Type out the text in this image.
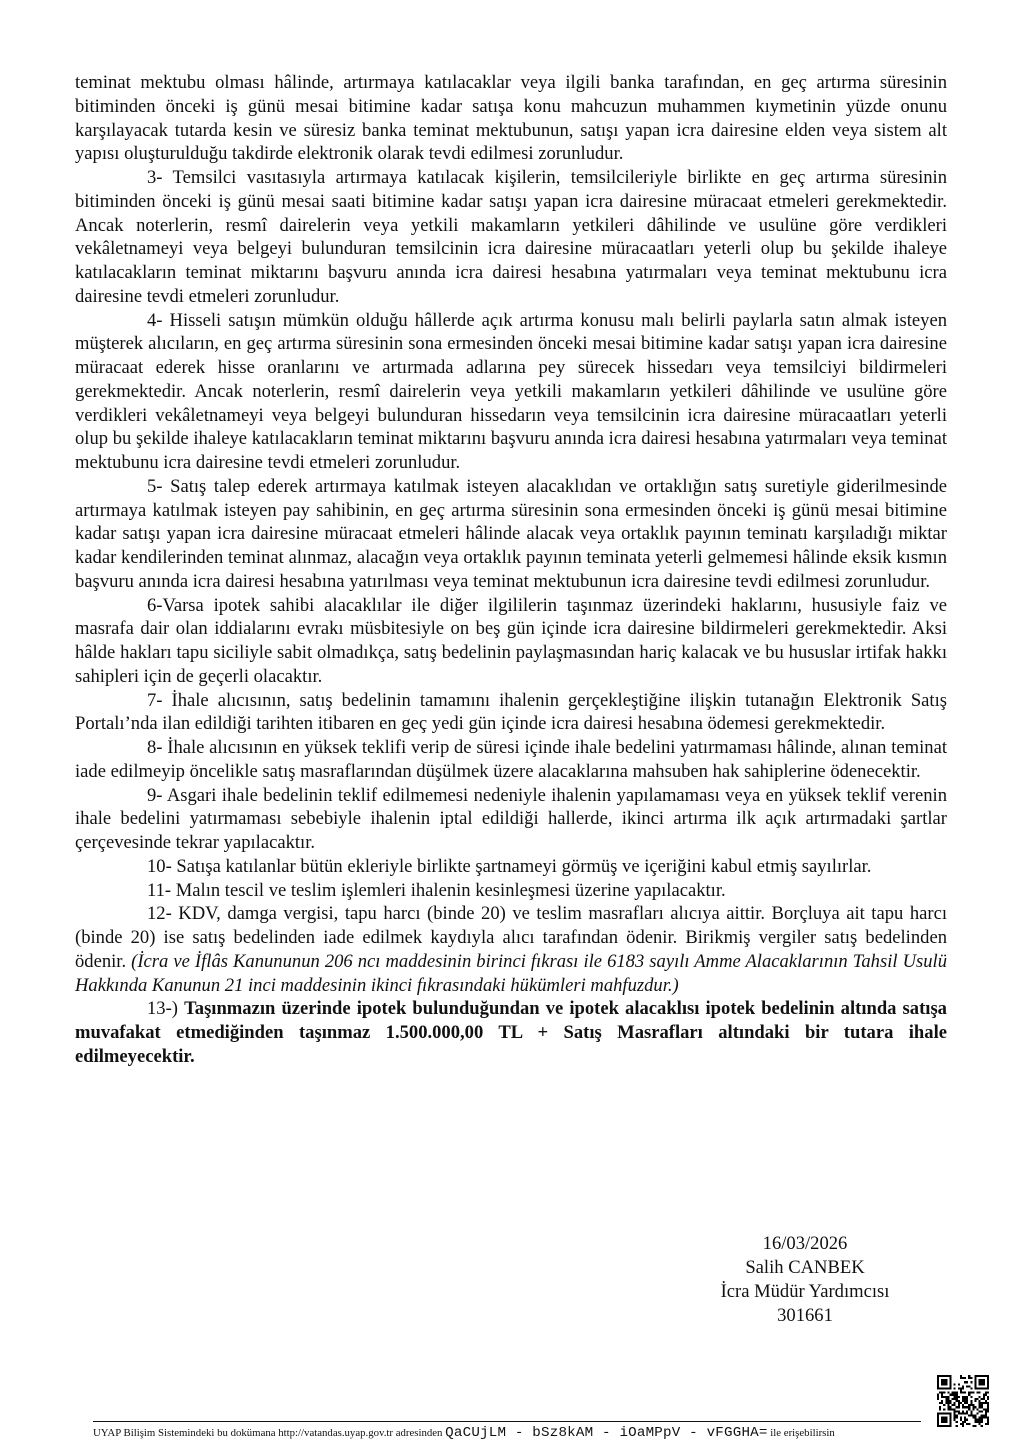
teminat mektubu olması hâlinde, artırmaya katılacaklar veya ilgili banka tarafından, en geç artırma süresinin bitiminden önceki iş günü mesai bitimine kadar satışa konu mahcuzun muhammen kıymetinin yüzde onunu karşılayacak tutarda kesin ve süresiz banka teminat mektubunun, satışı yapan icra dairesine elden veya sistem alt yapısı oluşturulduğu takdirde elektronik olarak tevdi edilmesi zorunludur.

3- Temsilci vasıtasıyla artırmaya katılacak kişilerin, temsilcileriyle birlikte en geç artırma süresinin bitiminden önceki iş günü mesai saati bitimine kadar satışı yapan icra dairesine müracaat etmeleri gerekmektedir. Ancak noterlerin, resmî dairelerin veya yetkili makamların yetkileri dâhilinde ve usulüne göre verdikleri vekâletnameyi veya belgeyi bulunduran temsilcinin icra dairesine müracaatları yeterli olup bu şekilde ihaleye katılacakların teminat miktarını başvuru anında icra dairesi hesabına yatırmaları veya teminat mektubunu icra dairesine tevdi etmeleri zorunludur.

4- Hisseli satışın mümkün olduğu hâllerde açık artırma konusu malı belirli paylarla satın almak isteyen müşterek alıcıların, en geç artırma süresinin sona ermesinden önceki mesai bitimine kadar satışı yapan icra dairesine müracaat ederek hisse oranlarını ve artırmada adlarına pey sürecek hissedarı veya temsilciyi bildirmeleri gerekmektedir. Ancak noterlerin, resmî dairelerin veya yetkili makamların yetkileri dâhilinde ve usulüne göre verdikleri vekâletnameyi veya belgeyi bulunduran hissedarın veya temsilcinin icra dairesine müracaatları yeterli olup bu şekilde ihaleye katılacakların teminat miktarını başvuru anında icra dairesi hesabına yatırmaları veya teminat mektubunu icra dairesine tevdi etmeleri zorunludur.

5- Satış talep ederek artırmaya katılmak isteyen alacaklıdan ve ortaklığın satış suretiyle giderilmesinde artırmaya katılmak isteyen pay sahibinin, en geç artırma süresinin sona ermesinden önceki iş günü mesai bitimine kadar satışı yapan icra dairesine müracaat etmeleri hâlinde alacak veya ortaklık payının teminatı karşıladığı miktar kadar kendilerinden teminat alınmaz, alacağın veya ortaklık payının teminata yeterli gelmemesi hâlinde eksik kısmın başvuru anında icra dairesi hesabına yatırılması veya teminat mektubunun icra dairesine tevdi edilmesi zorunludur.

6-Varsa ipotek sahibi alacaklılar ile diğer ilgililerin taşınmaz üzerindeki haklarını, hususiyle faiz ve masrafa dair olan iddialarını evrakı müsbitesiyle on beş gün içinde icra dairesine bildirmeleri gerekmektedir. Aksi hâlde hakları tapu siciliyle sabit olmadıkça, satış bedelinin paylaşmasından hariç kalacak ve bu hususlar irtifak hakkı sahipleri için de geçerli olacaktır.

7- İhale alıcısının, satış bedelinin tamamını ihalenin gerçekleştiğine ilişkin tutanağın Elektronik Satış Portalı’nda ilan edildiği tarihten itibaren en geç yedi gün içinde icra dairesi hesabına ödemesi gerekmektedir.

8- İhale alıcısının en yüksek teklifi verip de süresi içinde ihale bedelini yatırmaması hâlinde, alınan teminat iade edilmeyip öncelikle satış masraflarından düşülmek üzere alacaklarına mahsuben hak sahiplerine ödenecektir.

9- Asgari ihale bedelinin teklif edilmemesi nedeniyle ihalenin yapılamaması veya en yüksek teklif verenin ihale bedelini yatırmaması sebebiyle ihalenin iptal edildiği hallerde, ikinci artırma ilk açık artırmadaki şartlar çerçevesinde tekrar yapılacaktır.

10- Satışa katılanlar bütün ekleriyle birlikte şartnameyi görmüş ve içeriğini kabul etmiş sayılırlar.

11- Malın tescil ve teslim işlemleri ihalenin kesinleşmesi üzerine yapılacaktır.

12- KDV, damga vergisi, tapu harcı (binde 20) ve teslim masrafları alıcıya aittir. Borçluya ait tapu harcı (binde 20) ise satış bedelinden iade edilmek kaydıyla alıcı tarafından ödenir. Birikmiş vergiler satış bedelinden ödenir. (İcra ve İflâs Kanununun 206 ncı maddesinin birinci fıkrası ile 6183 sayılı Amme Alacaklarının Tahsil Usulü Hakkında Kanunun 21 inci maddesinin ikinci fıkrasındaki hükümleri mahfuzdur.)

13-) Taşınmazın üzerinde ipotek bulunduğundan ve ipotek alacaklısı ipotek bedelinin altında satışa muvafakat etmediğinden taşınmaz 1.500.000,00 TL + Satış Masrafları altındaki bir tutara ihale edilmeyecektir.

16/03/2026
Salih CANBEK
İcra Müdür Yardımcısı
301661
UYAP Bilişim Sistemindeki bu dokümana http://vatandas.uyap.gov.tr adresinden QaCUjLM - bSz8kAM - iOaMPpV - vFGGHA= ile erişebilirsin
